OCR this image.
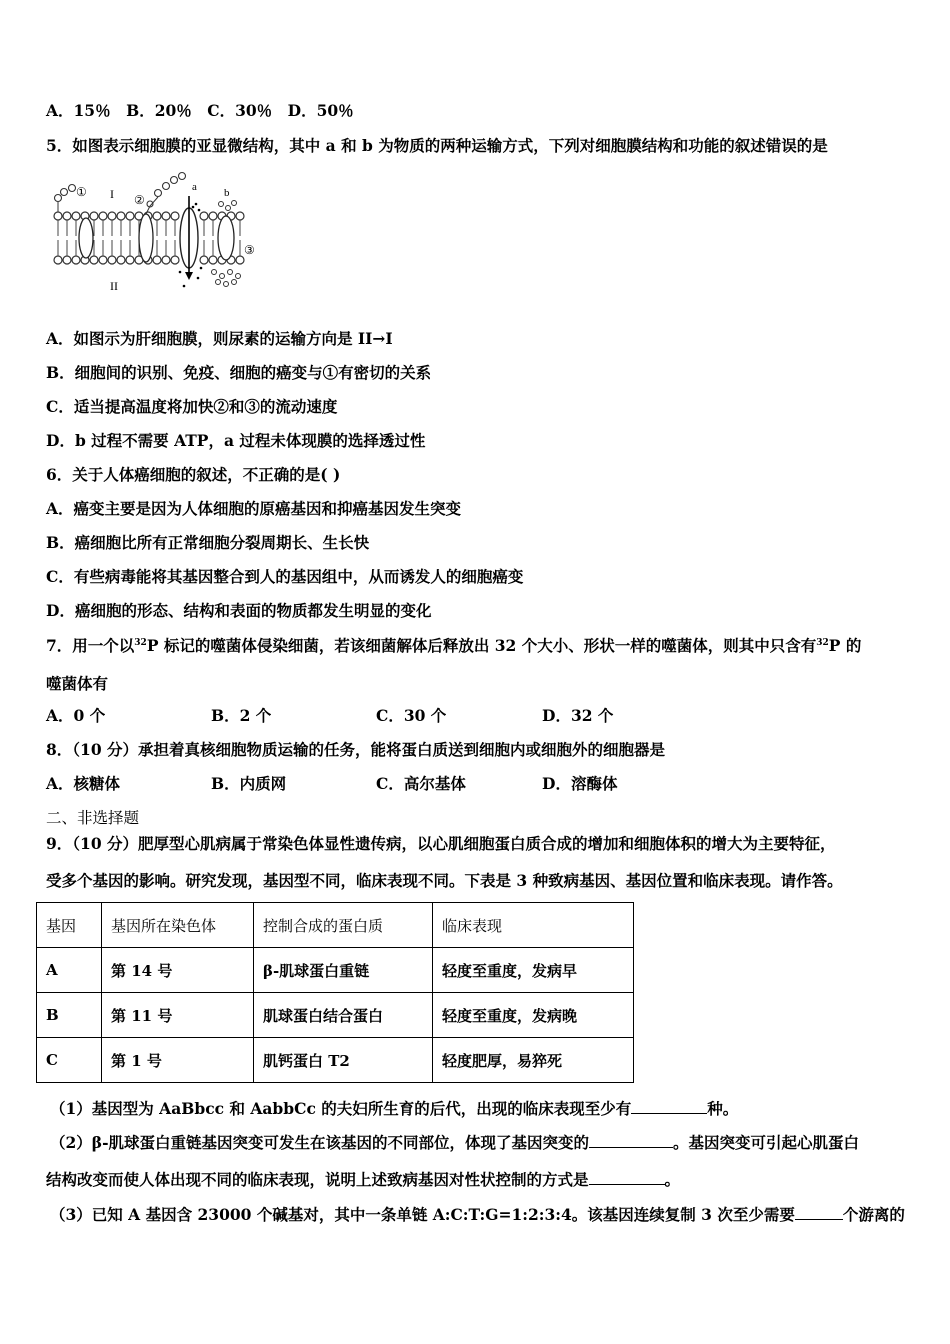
A．15％　B．20％　C．30％　D．50％
5．如图表示细胞膜的亚显微结构，其中 a 和 b 为物质的两种运输方式，下列对细胞膜结构和功能的叙述错误的是
① I ②
a b
③
II
A．如图示为肝细胞膜，则尿素的运输方向是 II→I
B．细胞间的识别、免疫、细胞的癌变与①有密切的关系
C．适当提高温度将加快②和③的流动速度
D．b 过程不需要 ATP，a 过程未体现膜的选择透过性
6．关于人体癌细胞的叙述，不正确的是( )
A．癌变主要是因为人体细胞的原癌基因和抑癌基因发生突变
B．癌细胞比所有正常细胞分裂周期长、生长快
C．有些病毒能将其基因整合到人的基因组中，从而诱发人的细胞癌变
D．癌细胞的形态、结构和表面的物质都发生明显的变化
7．用一个以$^{32}$P 标记的噬菌体侵染细菌，若该细菌解体后释放出 32 个大小、形状一样的噬菌体，则其中只含有$^{32}$P 的
噬菌体有
A．0 个	B．2 个	C．30 个	D．32 个
8．（10 分）承担着真核细胞物质运输的任务，能将蛋白质送到细胞内或细胞外的细胞器是
A．核糖体	B．内质网	C．高尔基体	D．溶酶体
二、非选择题
9．（10 分）肥厚型心肌病属于常染色体显性遗传病，以心肌细胞蛋白质合成的增加和细胞体积的增大为主要特征，
受多个基因的影响。研究发现，基因型不同，临床表现不同。下表是 3 种致病基因、基因位置和临床表现。请作答。
基因	基因所在染色体	控制合成的蛋白质	临床表现
A	第 14 号	β-肌球蛋白重链	轻度至重度，发病早
B	第 11 号	肌球蛋白结合蛋白	轻度至重度，发病晚
C	第 1 号	肌钙蛋白 T2	轻度肥厚，易猝死
（1）基因型为 AaBbcc 和 AabbCc 的夫妇所生育的后代，出现的临床表现至少有	种。
（2）β-肌球蛋白重链基因突变可发生在该基因的不同部位，体现了基因突变的	。基因突变可引起心肌蛋白
结构改变而使人体出现不同的临床表现，说明上述致病基因对性状控制的方式是	。
（3）已知 A 基因含 23000 个碱基对，其中一条单链 A:C:T:G=1:2:3:4。该基因连续复制 3 次至少需要	个游离的
